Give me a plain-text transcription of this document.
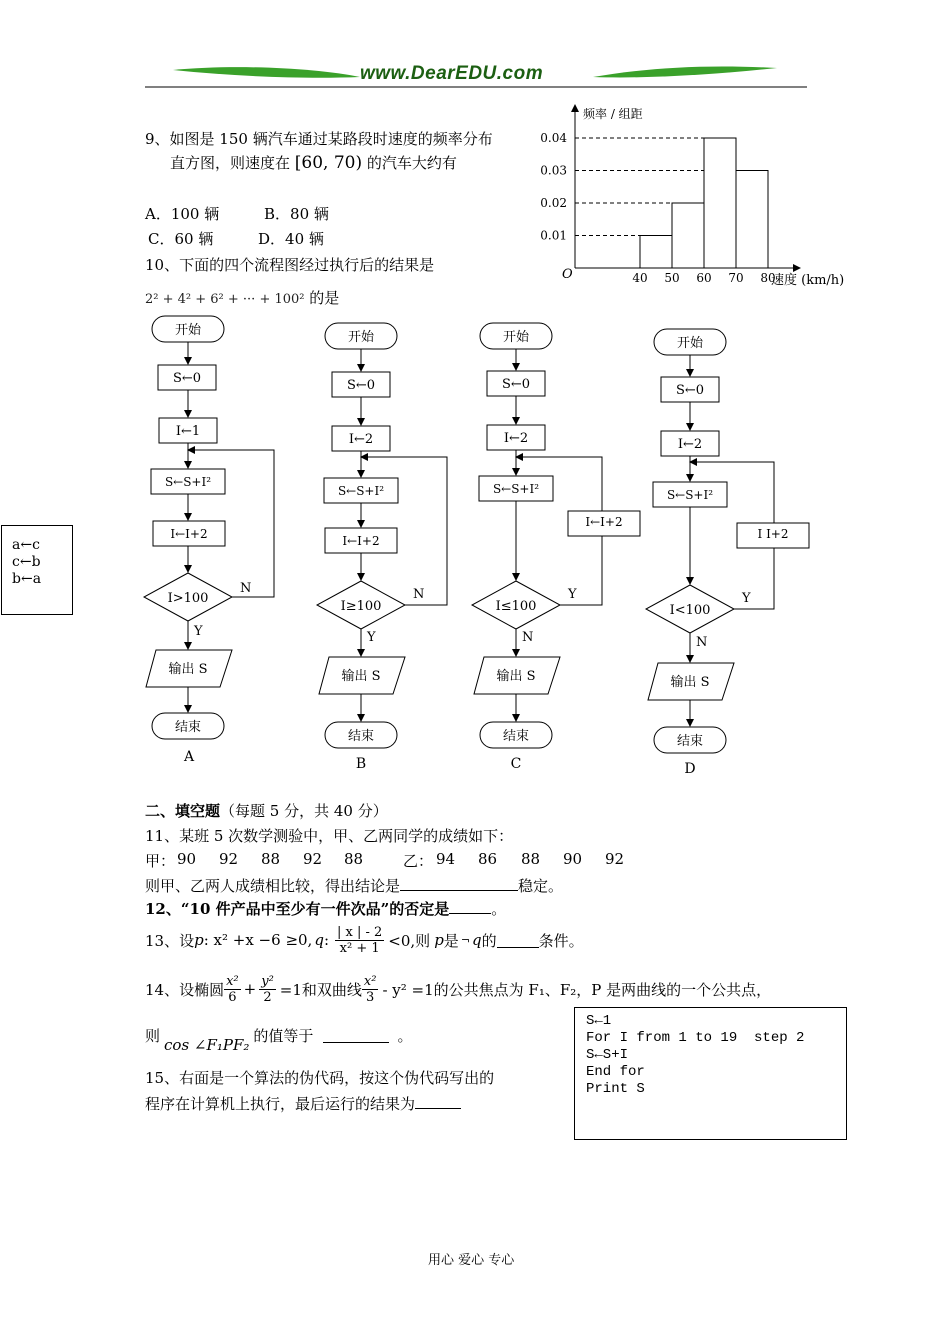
www.DearEDU.com
9、如图是 150 辆汽车通过某路段时速度的频率分布
直方图，则速度在 [60, 70) 的汽车大约有
A．100 辆	B．80 辆
C．60 辆	D．40 辆
频率 / 组距
速度 (km/h)
O
0.01
0.02
0.03
0.04
40 50 60 70 80
10、下面的四个流程图经过执行后的结果是
2² + 4² + 6² + ··· + 100² 的是
a←c
c←b
b←a
开始
S←0
I←1
S←S+I²
I←I+2
I>100
N
Y
输出 S
结束
A
开始
S←0
I←2
S←S+I²
I←I+2
I≥100
N
Y
输出 S
结束
B
开始
S←0
I←2
S←S+I²
I≤100
I←I+2
Y
N
输出 S
结束
C
开始
S←0
I←2
S←S+I²
I<100
I I+2
Y
N
输出 S
结束
D
二、填空题（每题 5 分，共 40 分）
11、某班 5 次数学测验中，甲、乙两同学的成绩如下：
甲： 90 92 88 92 88	乙： 94 86 88 90 92
则甲、乙两人成绩相比较，得出结论是	稳定。
12、“10 件产品中至少有一件次品”的否定是	。
13、设 p : x² +x −6 ≥0, q : $\frac{| x | - 2}{\text{x² + 1}} <0$,则 p 是 ¬ q 的	条件。
14、设椭圆 $\frac{\text{x²}}{6} + \frac{\text{y²}}{2} =1$和双曲线 $\frac{\text{x²}}{3} - y^2 =1$的公共焦点为 F₁、F₂，P 是两曲线的一个公共点，
则
cos ∠F₁PF₂
的值等于	。
S←1
For I from 1 to 19  step 2
S←S+I
End for
Print S
15、右面是一个算法的伪代码，按这个伪代码写出的
程序在计算机上执行，最后运行的结果为
用心 爱心 专心
